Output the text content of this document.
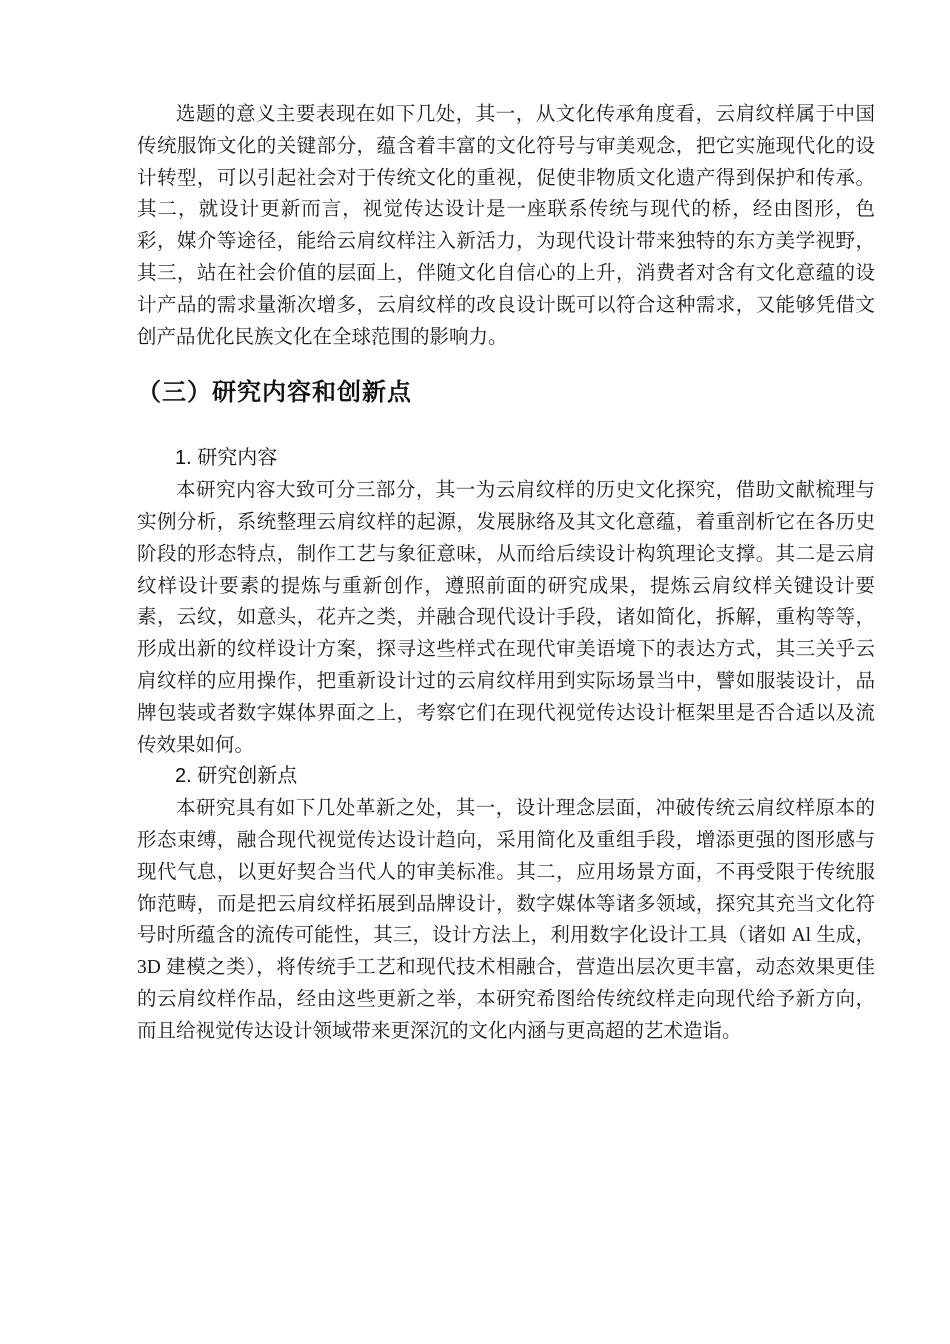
选题的意义主要表现在如下几处，其一，从文化传承角度看，云肩纹样属于中国传统服饰文化的关键部分，蕴含着丰富的文化符号与审美观念，把它实施现代化的设计转型，可以引起社会对于传统文化的重视，促使非物质文化遗产得到保护和传承。其二，就设计更新而言，视觉传达设计是一座联系传统与现代的桥，经由图形，色彩，媒介等途径，能给云肩纹样注入新活力，为现代设计带来独特的东方美学视野，其三，站在社会价值的层面上，伴随文化自信心的上升，消费者对含有文化意蕴的设计产品的需求量渐次增多，云肩纹样的改良设计既可以符合这种需求，又能够凭借文创产品优化民族文化在全球范围的影响力。

（三）研究内容和创新点
1. 研究内容

本研究内容大致可分三部分，其一为云肩纹样的历史文化探究，借助文献梳理与实例分析，系统整理云肩纹样的起源，发展脉络及其文化意蕴，着重剖析它在各历史阶段的形态特点，制作工艺与象征意味，从而给后续设计构筑理论支撑。其二是云肩纹样设计要素的提炼与重新创作，遵照前面的研究成果，提炼云肩纹样关键设计要素，云纹，如意头，花卉之类，并融合现代设计手段，诸如简化，拆解，重构等等，形成出新的纹样设计方案，探寻这些样式在现代审美语境下的表达方式，其三关乎云肩纹样的应用操作，把重新设计过的云肩纹样用到实际场景当中，譬如服装设计，品牌包装或者数字媒体界面之上，考察它们在现代视觉传达设计框架里是否合适以及流传效果如何。

2. 研究创新点

本研究具有如下几处革新之处，其一，设计理念层面，冲破传统云肩纹样原本的形态束缚，融合现代视觉传达设计趋向，采用简化及重组手段，增添更强的图形感与现代气息，以更好契合当代人的审美标准。其二，应用场景方面，不再受限于传统服饰范畴，而是把云肩纹样拓展到品牌设计，数字媒体等诸多领域，探究其充当文化符号时所蕴含的流传可能性，其三，设计方法上，利用数字化设计工具（诸如 Al 生成，3D 建模之类），将传统手工艺和现代技术相融合，营造出层次更丰富，动态效果更佳的云肩纹样作品，经由这些更新之举，本研究希图给传统纹样走向现代给予新方向，而且给视觉传达设计领域带来更深沉的文化内涵与更高超的艺术造诣。
